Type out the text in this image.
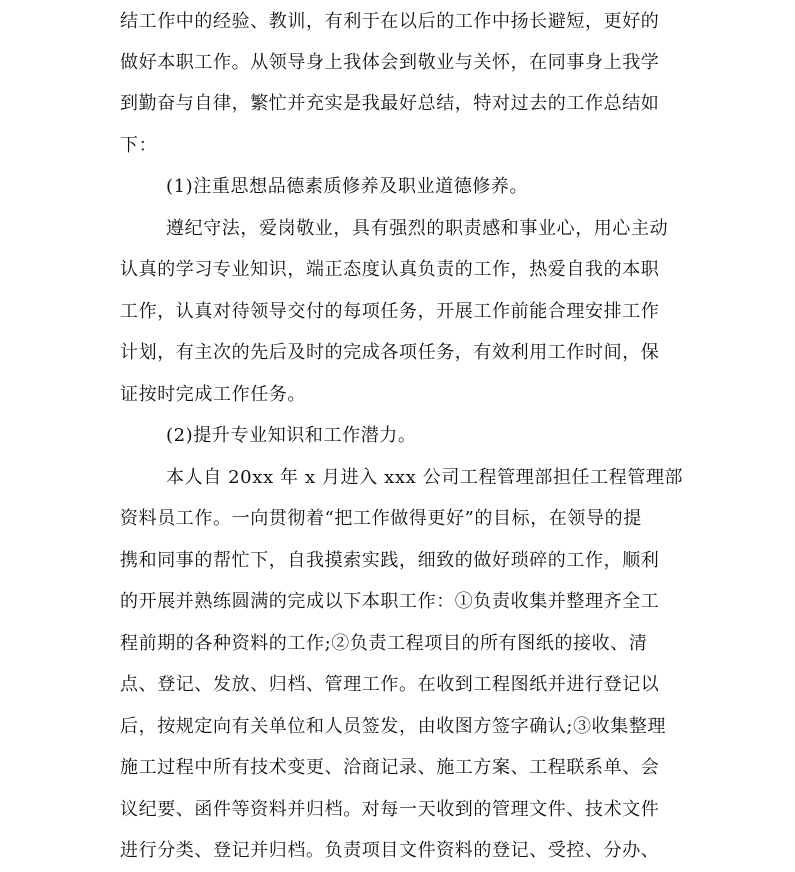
结工作中的经验、教训，有利于在以后的工作中扬长避短，更好的
做好本职工作。从领导身上我体会到敬业与关怀，在同事身上我学
到勤奋与自律，繁忙并充实是我最好总结，特对过去的工作总结如
下：
(1)注重思想品德素质修养及职业道德修养。
遵纪守法，爱岗敬业，具有强烈的职责感和事业心，用心主动
认真的学习专业知识，端正态度认真负责的工作，热爱自我的本职
工作，认真对待领导交付的每项任务，开展工作前能合理安排工作
计划，有主次的先后及时的完成各项任务，有效利用工作时间，保
证按时完成工作任务。
(2)提升专业知识和工作潜力。
本人自 20xx 年 x 月进入 xxx 公司工程管理部担任工程管理部
资料员工作。一向贯彻着“把工作做得更好”的目标，在领导的提
携和同事的帮忙下，自我摸索实践，细致的做好琐碎的工作，顺利
的开展并熟练圆满的完成以下本职工作：①负责收集并整理齐全工
程前期的各种资料的工作;②负责工程项目的所有图纸的接收、清
点、登记、发放、归档、管理工作。在收到工程图纸并进行登记以
后，按规定向有关单位和人员签发，由收图方签字确认;③收集整理
施工过程中所有技术变更、洽商记录、施工方案、工程联系单、会
议纪要、函件等资料并归档。对每一天收到的管理文件、技术文件
进行分类、登记并归档。负责项目文件资料的登记、受控、分办、
